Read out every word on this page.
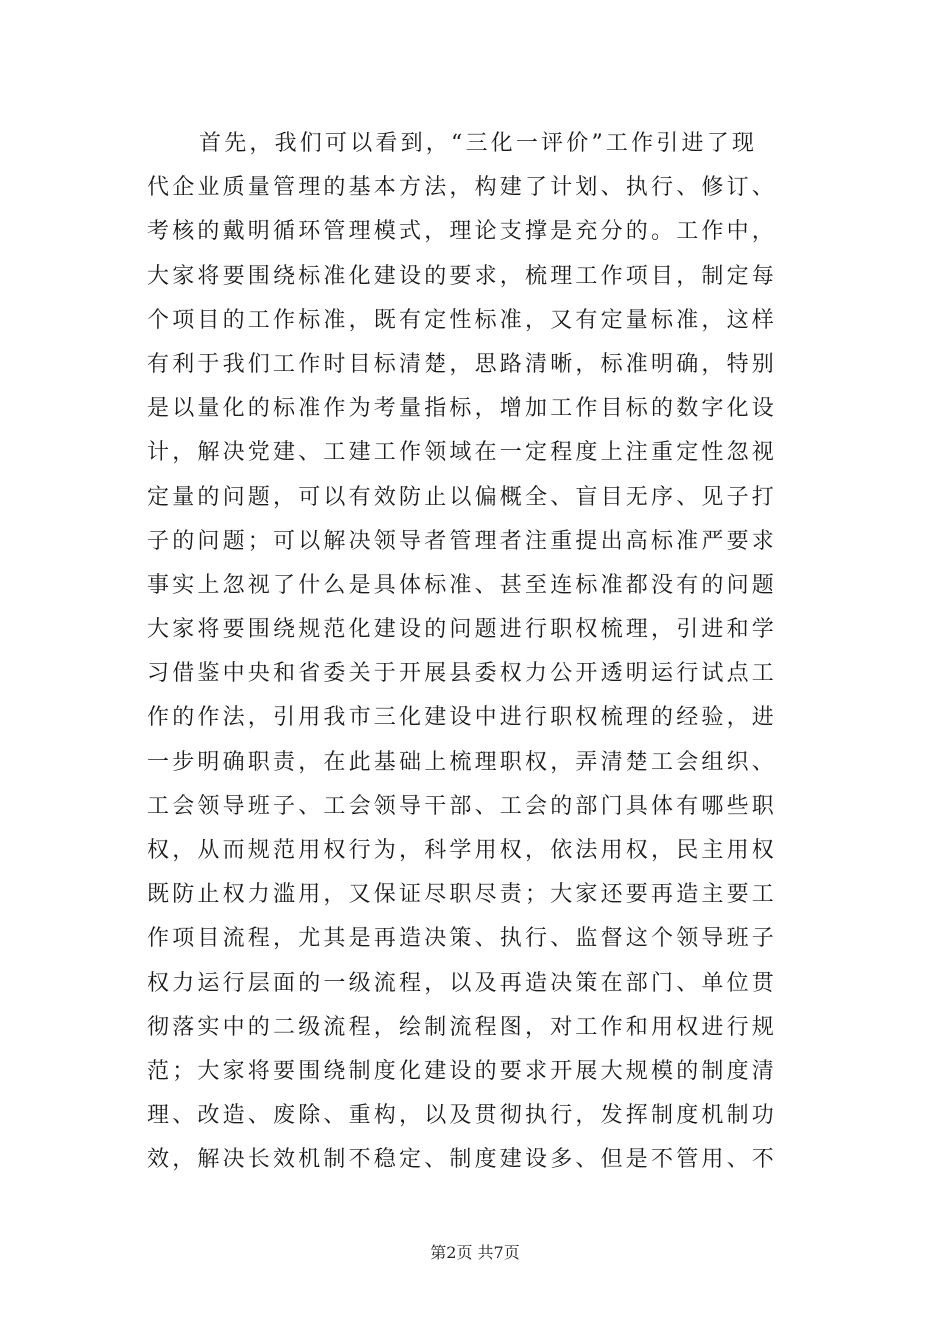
首先，我们可以看到，“三化一评价”工作引进了现
代企业质量管理的基本方法，构建了计划、执行、修订、
考核的戴明循环管理模式，理论支撑是充分的。工作中，
大家将要围绕标准化建设的要求，梳理工作项目，制定每
个项目的工作标准，既有定性标准，又有定量标准，这样
有利于我们工作时目标清楚，思路清晰，标准明确，特别
是以量化的标准作为考量指标，增加工作目标的数字化设
计，解决党建、工建工作领域在一定程度上注重定性忽视
定量的问题，可以有效防止以偏概全、盲目无序、见子打
子的问题；可以解决领导者管理者注重提出高标准严要求
事实上忽视了什么是具体标准、甚至连标准都没有的问题
大家将要围绕规范化建设的问题进行职权梳理，引进和学
习借鉴中央和省委关于开展县委权力公开透明运行试点工
作的作法，引用我市三化建设中进行职权梳理的经验，进
一步明确职责，在此基础上梳理职权，弄清楚工会组织、
工会领导班子、工会领导干部、工会的部门具体有哪些职
权，从而规范用权行为，科学用权，依法用权，民主用权
既防止权力滥用，又保证尽职尽责；大家还要再造主要工
作项目流程，尤其是再造决策、执行、监督这个领导班子
权力运行层面的一级流程，以及再造决策在部门、单位贯
彻落实中的二级流程，绘制流程图，对工作和用权进行规
范；大家将要围绕制度化建设的要求开展大规模的制度清
理、改造、废除、重构，以及贯彻执行，发挥制度机制功
效，解决长效机制不稳定、制度建设多、但是不管用、不
第2页 共7页
